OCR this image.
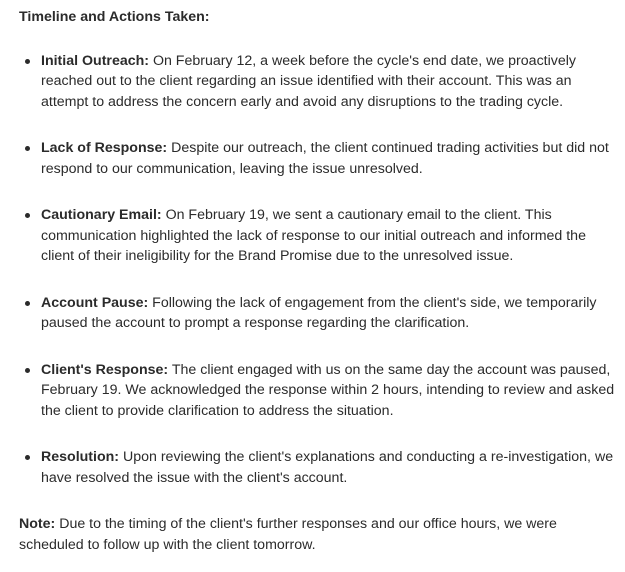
Timeline and Actions Taken:

Initial Outreach: On February 12, a week before the cycle's end date, we proactively reached out to the client regarding an issue identified with their account. This was an attempt to address the concern early and avoid any disruptions to the trading cycle.
Lack of Response: Despite our outreach, the client continued trading activities but did not respond to our communication, leaving the issue unresolved.
Cautionary Email: On February 19, we sent a cautionary email to the client. This communication highlighted the lack of response to our initial outreach and informed the client of their ineligibility for the Brand Promise due to the unresolved issue.
Account Pause: Following the lack of engagement from the client's side, we temporarily paused the account to prompt a response regarding the clarification.
Client's Response: The client engaged with us on the same day the account was paused, February 19. We acknowledged the response within 2 hours, intending to review and asked the client to provide clarification to address the situation.
Resolution: Upon reviewing the client's explanations and conducting a re-investigation, we have resolved the issue with the client's account.

Note: Due to the timing of the client's further responses and our office hours, we were scheduled to follow up with the client tomorrow.
